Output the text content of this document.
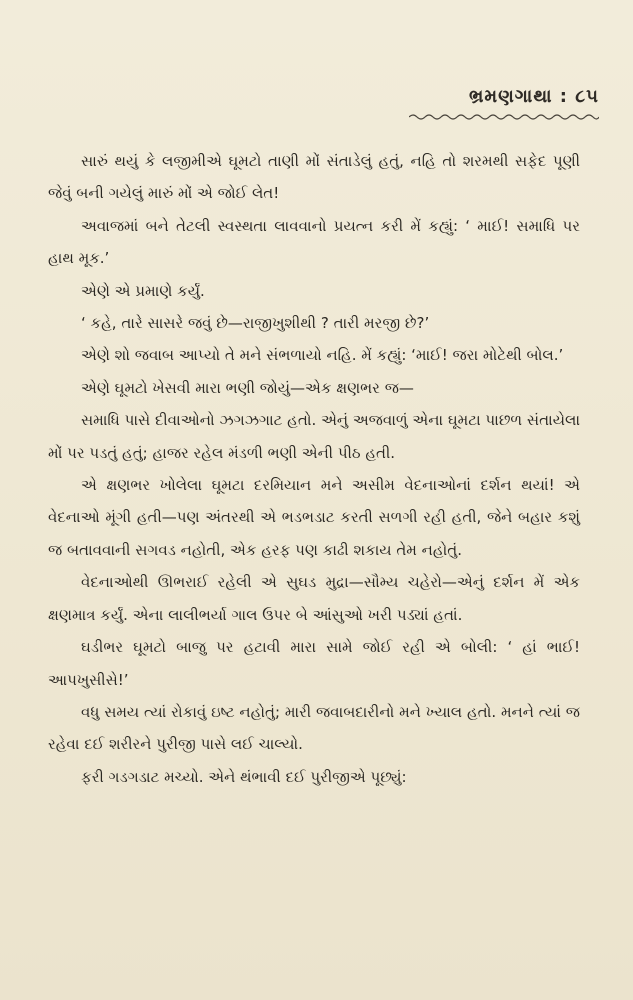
ભ્રમણગાથા : ૮૫

સારું થયું કે લજીમીએ ઘૂમટો તાણી મોં સંતાડેલું હતું, નહિ તો શરમથી સફેદ પૂણી જેવું બની ગયેલું મારું મોં એ જોઈ લેત!

અવાજમાં બને તેટલી સ્વસ્થતા લાવવાનો પ્રયત્ન કરી મેં કહ્યું: ‘ માઈ! સમાધિ પર હાથ મૂક.’

એણે એ પ્રમાણે કર્યું.

‘ કહે, તારે સાસરે જવું છે—રાજીખુશીથી ? તારી મરજી છે?’

એણે શો જવાબ આપ્યો તે મને સંભળાયો નહિ. મેં કહ્યું: ‘માઈ! જરા મોટેથી બોલ.’

એણે ઘૂમટો ખેસવી મારા ભણી જોયું—એક ક્ષણભર જ—

સમાધિ પાસે દીવાઓનો ઝગઝગાટ હતો. એનું અજવાળું એના ઘૂમટા પાછળ સંતાયેલા મોં પર પડતું હતું; હાજર રહેલ મંડળી ભણી એની પીઠ હતી.

એ ક્ષણભર ખોલેલા ઘૂમટા દરમિયાન મને અસીમ વેદનાઓનાં દર્શન થયાં! એ વેદનાઓ મૂંગી હતી—પણ અંતરથી એ ભડભડાટ કરતી સળગી રહી હતી, જેને બહાર કશું જ બતાવવાની સગવડ નહોતી, એક હરફ પણ કાઢી શકાય તેમ નહોતું.

વેદનાઓથી ઊભરાઈ રહેલી એ સુઘડ મુદ્રા—સૌમ્ય ચહેરો—એનું દર્શન મેં એક ક્ષણમાત્ર કર્યું. એના લાલીભર્યા ગાલ ઉપર બે આંસુઓ ખરી પડ્યાં હતાં.

ઘડીભર ઘૂમટો બાજુ પર હટાવી મારા સામે જોઈ રહી એ બોલી: ‘ હાં ભાઈ! આપખુસીસે!’

વધુ સમય ત્યાં રોકાવું ઇષ્ટ નહોતું; મારી જવાબદારીનો મને ખ્યાલ હતો. મનને ત્યાં જ રહેવા દઈ શરીરને પુરીજી પાસે લઈ ચાલ્યો.

ફરી ગડગડાટ મચ્યો. એને થંભાવી દઈ પુરીજીએ પૂછ્યું:
